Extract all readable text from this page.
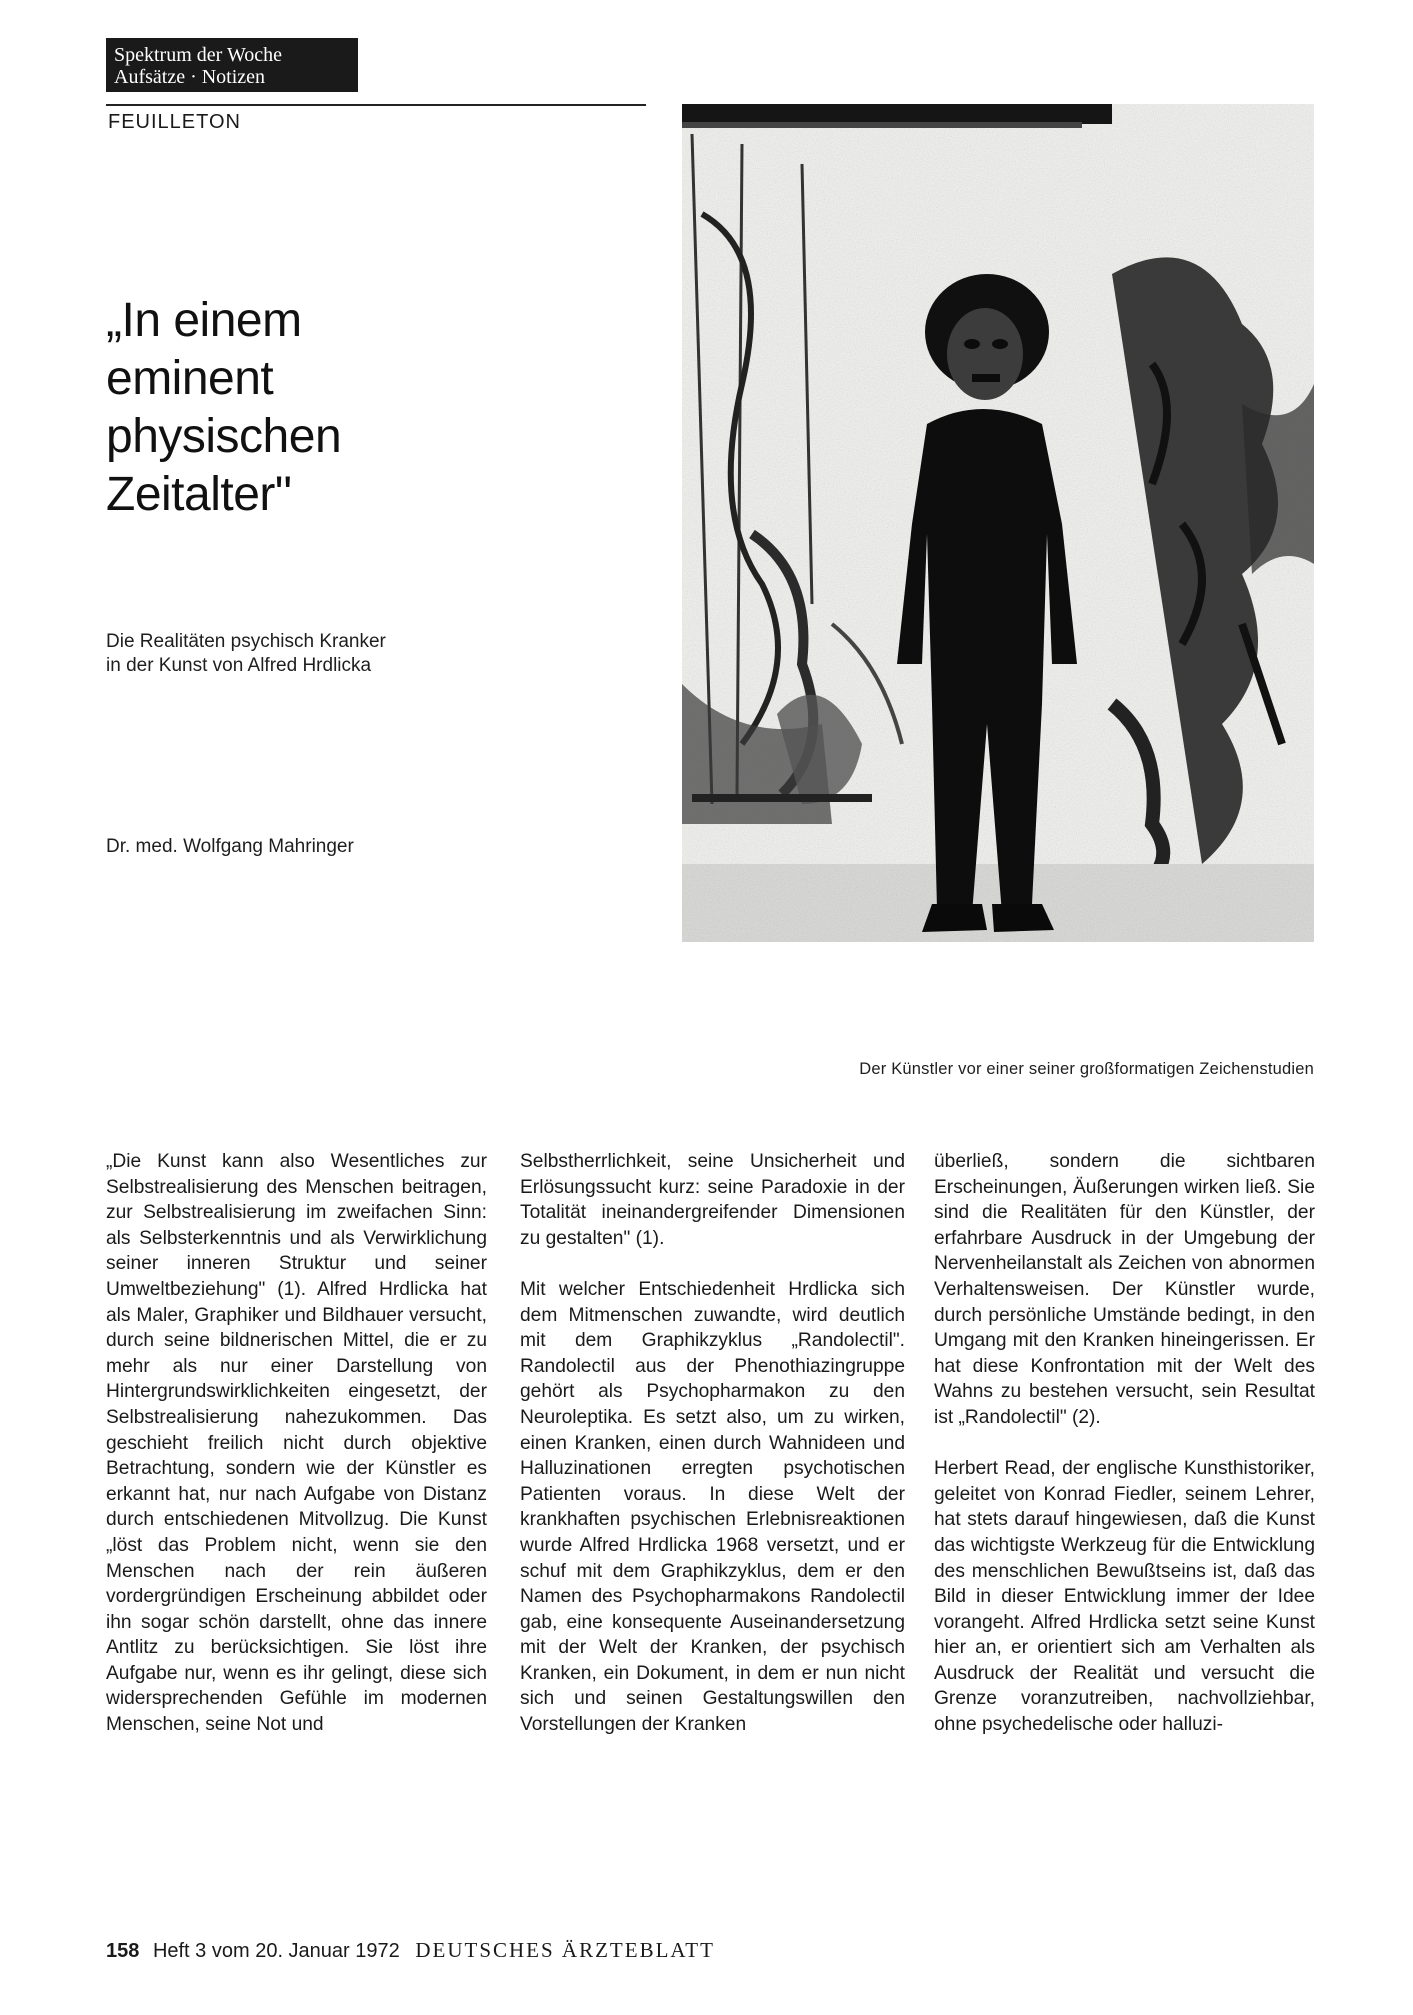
Spektrum der Woche
Aufsätze · Notizen
FEUILLETON
„In einem
eminent
physischen
Zeitalter"
Die Realitäten psychisch Kranker
in der Kunst von Alfred Hrdlicka
Dr. med. Wolfgang Mahringer
Der Künstler vor einer seiner großformatigen Zeichenstudien

„Die Kunst kann also Wesentliches zur Selbstrealisierung des Menschen beitragen, zur Selbstrealisierung im zweifachen Sinn: als Selbsterkenntnis und als Verwirklichung seiner inneren Struktur und seiner Umweltbeziehung" (1). Alfred Hrdlicka hat als Maler, Graphiker und Bildhauer versucht, durch seine bildnerischen Mittel, die er zu mehr als nur einer Darstellung von Hintergrundswirklichkeiten eingesetzt, der Selbstrealisierung nahezukommen. Das geschieht freilich nicht durch objektive Betrachtung, sondern wie der Künstler es erkannt hat, nur nach Aufgabe von Distanz durch entschiedenen Mitvollzug. Die Kunst „löst das Problem nicht, wenn sie den Menschen nach der rein äußeren vordergründigen Erscheinung abbildet oder ihn sogar schön darstellt, ohne das innere Antlitz zu berücksichtigen. Sie löst ihre Aufgabe nur, wenn es ihr gelingt, diese sich widersprechenden Gefühle im modernen Menschen, seine Not und

Selbstherrlichkeit, seine Unsicherheit und Erlösungssucht kurz: seine Paradoxie in der Totalität ineinandergreifender Dimensionen zu gestalten" (1).

Mit welcher Entschiedenheit Hrdlicka sich dem Mitmenschen zuwandte, wird deutlich mit dem Graphikzyklus „Randolectil". Randolectil aus der Phenothiazingruppe gehört als Psychopharmakon zu den Neuroleptika. Es setzt also, um zu wirken, einen Kranken, einen durch Wahnideen und Halluzinationen erregten psychotischen Patienten voraus. In diese Welt der krankhaften psychischen Erlebnisreaktionen wurde Alfred Hrdlicka 1968 versetzt, und er schuf mit dem Graphikzyklus, dem er den Namen des Psychopharmakons Randolectil gab, eine konsequente Auseinandersetzung mit der Welt der Kranken, der psychisch Kranken, ein Dokument, in dem er nun nicht sich und seinen Gestaltungswillen den Vorstellungen der Kranken

überließ, sondern die sichtbaren Erscheinungen, Äußerungen wirken ließ. Sie sind die Realitäten für den Künstler, der erfahrbare Ausdruck in der Umgebung der Nervenheilanstalt als Zeichen von abnormen Verhaltensweisen. Der Künstler wurde, durch persönliche Umstände bedingt, in den Umgang mit den Kranken hineingerissen. Er hat diese Konfrontation mit der Welt des Wahns zu bestehen versucht, sein Resultat ist „Randolectil" (2).

Herbert Read, der englische Kunsthistoriker, geleitet von Konrad Fiedler, seinem Lehrer, hat stets darauf hingewiesen, daß die Kunst das wichtigste Werkzeug für die Entwicklung des menschlichen Bewußtseins ist, daß das Bild in dieser Entwicklung immer der Idee vorangeht. Alfred Hrdlicka setzt seine Kunst hier an, er orientiert sich am Verhalten als Ausdruck der Realität und versucht die Grenze voranzutreiben, nachvollziehbar, ohne psychedelische oder halluzi-

158 Heft 3 vom 20. Januar 1972 DEUTSCHES ÄRZTEBLATT
